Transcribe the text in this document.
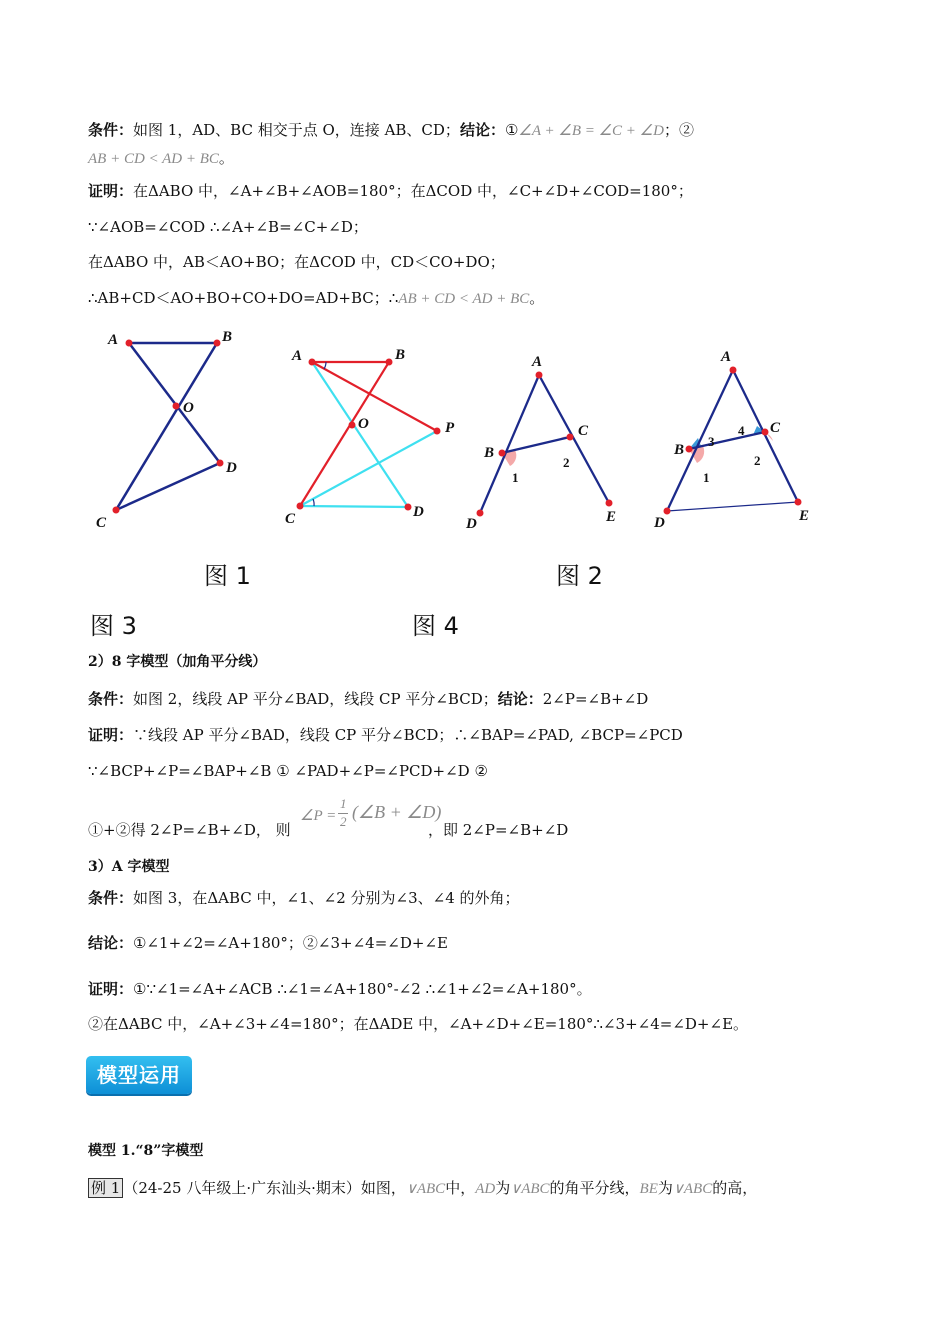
条件：如图 1，AD、BC 相交于点 O，连接 AB、CD；结论：①∠A + ∠B = ∠C + ∠D；②
AB + CD < AD + BC。
证明：在ΔABO 中，∠A+∠B+∠AOB=180°；在ΔCOD 中，∠C+∠D+∠COD=180°；
∵∠AOB=∠COD ∴∠A+∠B=∠C+∠D；
在ΔABO 中，AB＜AO+BO；在ΔCOD 中，CD＜CO+DO；
∴AB+CD＜AO+BO+CO+DO=AD+BC；∴AB + CD < AD + BC。
A	B
O
C
D
A	B
O	P
C	D
A
B
C
D	E
1
2
A
B
C
D	E
1
2
3
4
图 1	图 2
图 3	图 4
2）8 字模型（加角平分线）
条件：如图 2，线段 AP 平分∠BAD，线段 CP 平分∠BCD；结论：2∠P=∠B+∠D
证明：∵线段 AP 平分∠BAD，线段 CP 平分∠BCD；∴∠BAP=∠PAD, ∠BCP=∠PCD
∵∠BCP+∠P=∠BAP+∠B ① ∠PAD+∠P=∠PCD+∠D ②
①+②得 2∠P=∠B+∠D， 则
∠P =
1
2 (∠B + ∠D)
，即 2∠P=∠B+∠D
3）A 字模型
条件：如图 3，在ΔABC 中，∠1、∠2 分别为∠3、∠4 的外角；
结论：①∠1+∠2=∠A+180°；②∠3+∠4=∠D+∠E
证明：①∵∠1=∠A+∠ACB ∴∠1=∠A+180°-∠2 ∴∠1+∠2=∠A+180°。
②在ΔABC 中，∠A+∠3+∠4=180°；在ΔADE 中，∠A+∠D+∠E=180°∴∠3+∠4=∠D+∠E。
模型运用
模型 1.“8”字模型
例 1 （24-25 八年级上·广东汕头·期末）如图，∨ABC中，AD为∨ABC的角平分线，BE为∨ABC的高，
